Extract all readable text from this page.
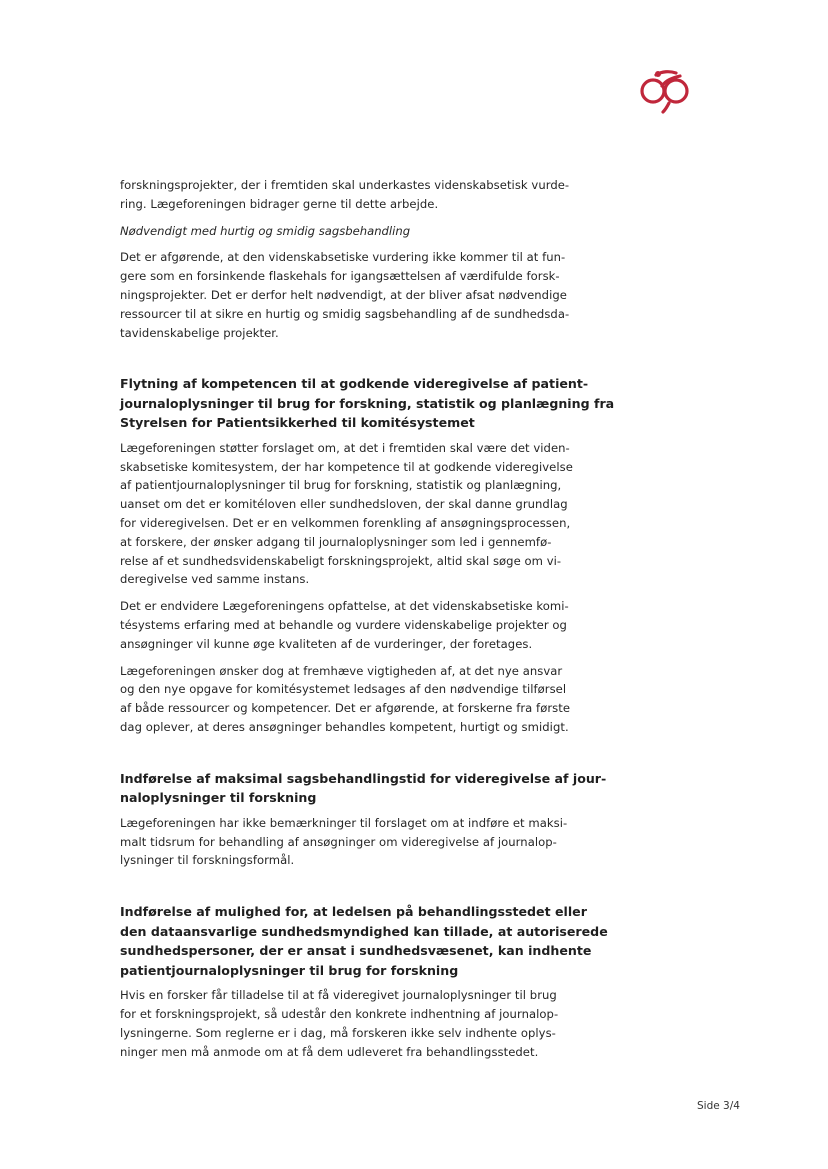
forskningsprojekter, der i fremtiden skal underkastes videnskabsetisk vurde-
ring. Lægeforeningen bidrager gerne til dette arbejde.
Nødvendigt med hurtig og smidig sagsbehandling
Det er afgørende, at den videnskabsetiske vurdering ikke kommer til at fun-
gere som en forsinkende flaskehals for igangsættelsen af værdifulde forsk-
ningsprojekter. Det er derfor helt nødvendigt, at der bliver afsat nødvendige
ressourcer til at sikre en hurtig og smidig sagsbehandling af de sundhedsda-
tavidenskabelige projekter.
Flytning af kompetencen til at godkende videregivelse af patient-
journaloplysninger til brug for forskning, statistik og planlægning fra
Styrelsen for Patientsikkerhed til komitésystemet
Lægeforeningen støtter forslaget om, at det i fremtiden skal være det viden-
skabsetiske komitesystem, der har kompetence til at godkende videregivelse
af patientjournaloplysninger til brug for forskning, statistik og planlægning,
uanset om det er komitéloven eller sundhedsloven, der skal danne grundlag
for videregivelsen. Det er en velkommen forenkling af ansøgningsprocessen,
at forskere, der ønsker adgang til journaloplysninger som led i gennemfø-
relse af et sundhedsvidenskabeligt forskningsprojekt, altid skal søge om vi-
deregivelse ved samme instans.
Det er endvidere Lægeforeningens opfattelse, at det videnskabsetiske komi-
tésystems erfaring med at behandle og vurdere videnskabelige projekter og
ansøgninger vil kunne øge kvaliteten af de vurderinger, der foretages.
Lægeforeningen ønsker dog at fremhæve vigtigheden af, at det nye ansvar
og den nye opgave for komitésystemet ledsages af den nødvendige tilførsel
af både ressourcer og kompetencer. Det er afgørende, at forskerne fra første
dag oplever, at deres ansøgninger behandles kompetent, hurtigt og smidigt.
Indførelse af maksimal sagsbehandlingstid for videregivelse af jour-
naloplysninger til forskning
Lægeforeningen har ikke bemærkninger til forslaget om at indføre et maksi-
malt tidsrum for behandling af ansøgninger om videregivelse af journalop-
lysninger til forskningsformål.
Indførelse af mulighed for, at ledelsen på behandlingsstedet eller
den dataansvarlige sundhedsmyndighed kan tillade, at autoriserede
sundhedspersoner, der er ansat i sundhedsvæsenet, kan indhente
patientjournaloplysninger til brug for forskning
Hvis en forsker får tilladelse til at få videregivet journaloplysninger til brug
for et forskningsprojekt, så udestår den konkrete indhentning af journalop-
lysningerne. Som reglerne er i dag, må forskeren ikke selv indhente oplys-
ninger men må anmode om at få dem udleveret fra behandlingsstedet.
Side 3/4
